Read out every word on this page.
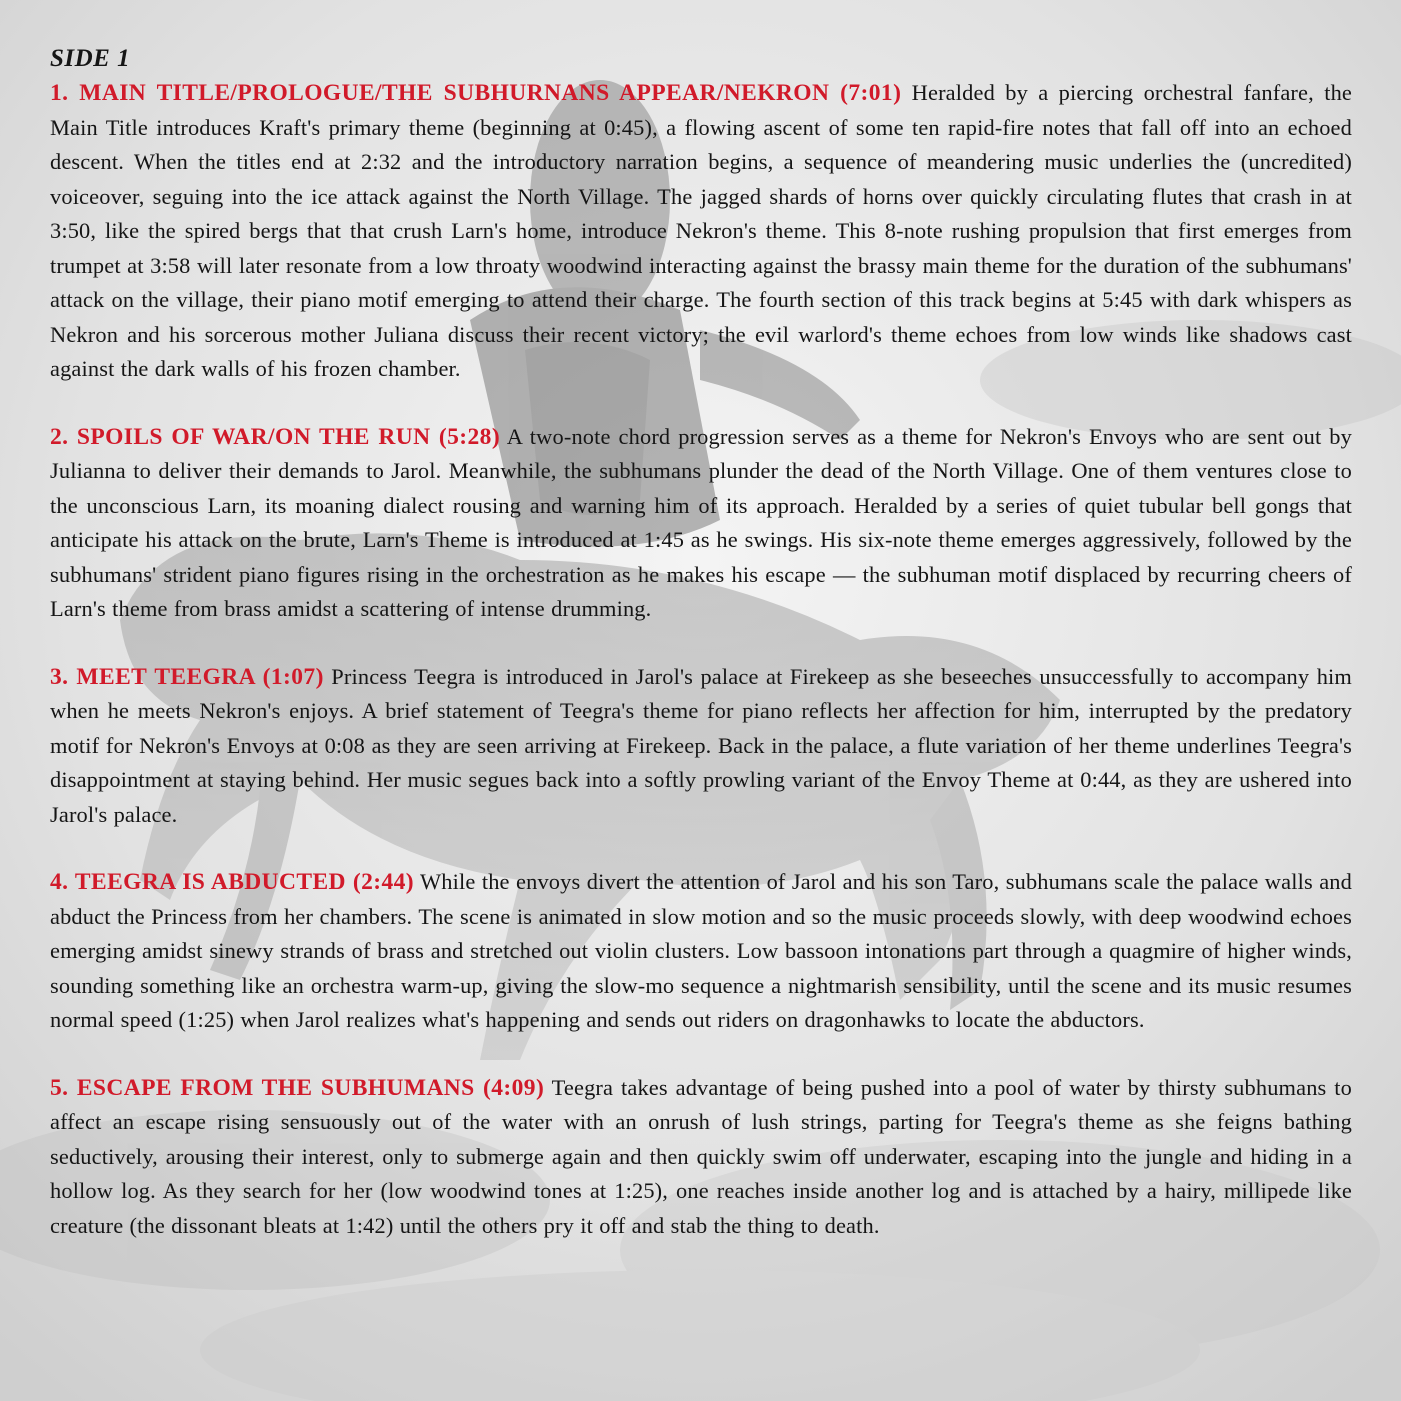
SIDE 1

1. MAIN TITLE/PROLOGUE/THE SUBHURNANS APPEAR/NEKRON (7:01) Heralded by a piercing orchestral fanfare, the Main Title introduces Kraft's primary theme (beginning at 0:45), a flowing ascent of some ten rapid-fire notes that fall off into an echoed descent. When the titles end at 2:32 and the introductory narration begins, a sequence of meandering music underlies the (uncredited) voiceover, seguing into the ice attack against the North Village. The jagged shards of horns over quickly circulating flutes that crash in at 3:50, like the spired bergs that that crush Larn's home, introduce Nekron's theme. This 8-note rushing propulsion that first emerges from trumpet at 3:58 will later resonate from a low throaty woodwind interacting against the brassy main theme for the duration of the subhumans' attack on the village, their piano motif emerging to attend their charge. The fourth section of this track begins at 5:45 with dark whispers as Nekron and his sorcerous mother Juliana discuss their recent victory; the evil warlord's theme echoes from low winds like shadows cast against the dark walls of his frozen chamber.

2. SPOILS OF WAR/ON THE RUN (5:28) A two-note chord progression serves as a theme for Nekron's Envoys who are sent out by Julianna to deliver their demands to Jarol. Meanwhile, the subhumans plunder the dead of the North Village. One of them ventures close to the unconscious Larn, its moaning dialect rousing and warning him of its approach. Heralded by a series of quiet tubular bell gongs that anticipate his attack on the brute, Larn's Theme is introduced at 1:45 as he swings. His six-note theme emerges aggressively, followed by the subhumans' strident piano figures rising in the orchestration as he makes his escape — the subhuman motif displaced by recurring cheers of Larn's theme from brass amidst a scattering of intense drumming.

3. MEET TEEGRA (1:07) Princess Teegra is introduced in Jarol's palace at Firekeep as she beseeches unsuccessfully to accompany him when he meets Nekron's enjoys. A brief statement of Teegra's theme for piano reflects her affection for him, interrupted by the predatory motif for Nekron's Envoys at 0:08 as they are seen arriving at Firekeep. Back in the palace, a flute variation of her theme underlines Teegra's disappointment at staying behind. Her music segues back into a softly prowling variant of the Envoy Theme at 0:44, as they are ushered into Jarol's palace.

4. TEEGRA IS ABDUCTED (2:44) While the envoys divert the attention of Jarol and his son Taro, subhumans scale the palace walls and abduct the Princess from her chambers. The scene is animated in slow motion and so the music proceeds slowly, with deep woodwind echoes emerging amidst sinewy strands of brass and stretched out violin clusters. Low bassoon intonations part through a quagmire of higher winds, sounding something like an orchestra warm-up, giving the slow-mo sequence a nightmarish sensibility, until the scene and its music resumes normal speed (1:25) when Jarol realizes what's happening and sends out riders on dragonhawks to locate the abductors.

5. ESCAPE FROM THE SUBHUMANS (4:09) Teegra takes advantage of being pushed into a pool of water by thirsty subhumans to affect an escape rising sensuously out of the water with an onrush of lush strings, parting for Teegra's theme as she feigns bathing seductively, arousing their interest, only to submerge again and then quickly swim off underwater, escaping into the jungle and hiding in a hollow log. As they search for her (low woodwind tones at 1:25), one reaches inside another log and is attached by a hairy, millipede like creature (the dissonant bleats at 1:42) until the others pry it off and stab the thing to death.
